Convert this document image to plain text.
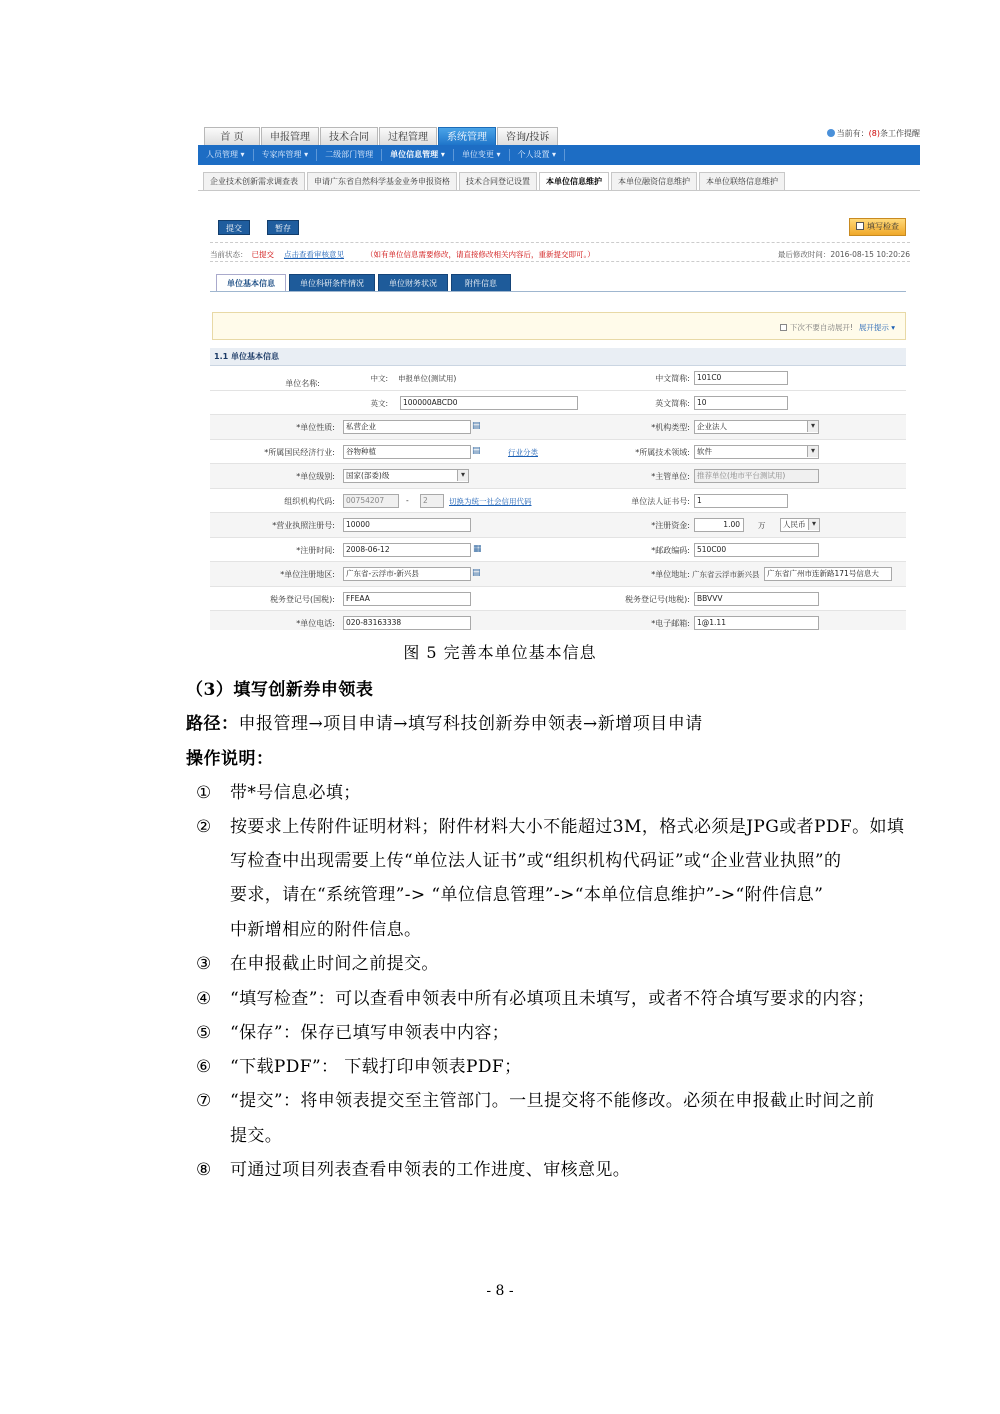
当前有：(8)条工作提醒
首 页	申报管理	技术合同	过程管理	系统管理	咨询/投诉
人员管理 ▾	专家库管理 ▾	二级部门管理	单位信息管理 ▾	单位变更 ▾	个人设置 ▾
企业技术创新需求调查表	申请广东省自然科学基金业务申报资格	技术合同登记设置	本单位信息维护	本单位融资信息维护	本单位联络信息维护
提交	暂存	填写检查
当前状态： 已提交 点击查看审核意见	（如有单位信息需要修改，请直接修改相关内容后，重新提交即可。）	最后修改时间：2016-08-15 10:20:26
单位基本信息	单位科研条件情况	单位财务状况	附件信息
下次不要自动展开! 展开提示 ▾
1.1 单位基本信息
单位名称:
中文: 申报单位(测试用)	中文简称: 101C0
英文:	100000ABCD0	英文简称: 10
*单位性质:	私营企业	▤	*机构类型: 企业法人 ▾
*所属国民经济行业:	谷物种植	▤	行业分类	*所属技术领域: 软件 ▾
*单位级别:	国家(部委)级 ▾	*主管单位: 推荐单位(地市平台测试用)
组织机构代码:	00754207	-	2	切换为统一社会信用代码	单位法人证书号: 1
*营业执照注册号:	10000	*注册资金:	1.00	万	人民币 ▾
*注册时间:	2008-06-12	▦	*邮政编码: 510C00
*单位注册地区:	广东省-云浮市-新兴县	▤	*单位地址: 广东省云浮市新兴县	广东省广州市连新路171号信息大
税务登记号(国税):	FFEAA	税务登记号(地税): BBVVV
*单位电话:	020-83163338	*电子邮箱: 1@1.11
图 5 完善本单位基本信息
（3）填写创新券申领表
路径：申报管理→项目申请→填写科技创新券申领表→新增项目申请
操作说明：
① 带*号信息必填；
② 按要求上传附件证明材料；附件材料大小不能超过3M，格式必须是JPG或者PDF。如填
写检查中出现需要上传“单位法人证书”或“组织机构代码证”或“企业营业执照”的
要求，请在“系统管理”-> “单位信息管理”->“本单位信息维护”->“附件信息”
中新增相应的附件信息。
③ 在申报截止时间之前提交。
④ “填写检查”：可以查看申领表中所有必填项且未填写，或者不符合填写要求的内容；
⑤ “保存”：保存已填写申领表中内容；
⑥ “下载PDF”： 下载打印申领表PDF；
⑦ “提交”：将申领表提交至主管部门。一旦提交将不能修改。必须在申报截止时间之前
提交。
⑧ 可通过项目列表查看申领表的工作进度、审核意见。
- 8 -
